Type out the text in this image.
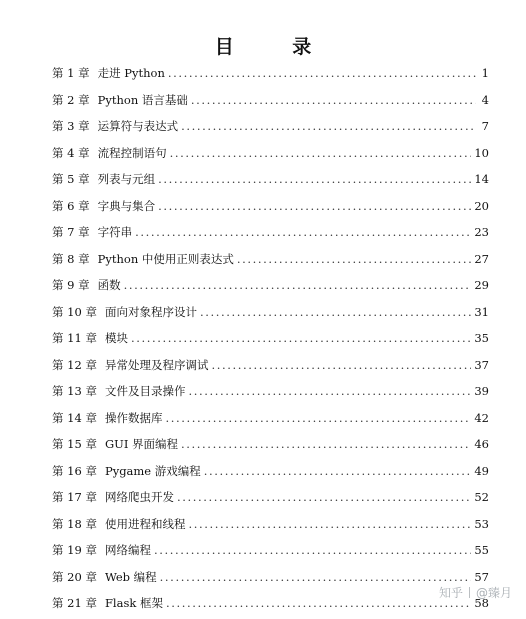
目 录
第 1 章 走进 Python .....	1
第 2 章 Python 语言基础 .....	4
第 3 章 运算符与表达式 .....	7
第 4 章 流程控制语句 .....	10
第 5 章 列表与元组 .....	14
第 6 章 字典与集合 .....	20
第 7 章 字符串 .....	23
第 8 章 Python 中使用正则表达式 .....	27
第 9 章 函数 .....	29
第 10 章 面向对象程序设计 .....	31
第 11 章 模块 .....	35
第 12 章 异常处理及程序调试 .....	37
第 13 章 文件及目录操作 .....	39
第 14 章 操作数据库 .....	42
第 15 章 GUI 界面编程 .....	46
第 16 章 Pygame 游戏编程 .....	49
第 17 章 网络爬虫开发 .....	52
第 18 章 使用进程和线程 .....	53
第 19 章 网络编程 .....	55
第 20 章 Web 编程 .....	57
第 21 章 Flask 框架 .....	58
知乎 @臻月
